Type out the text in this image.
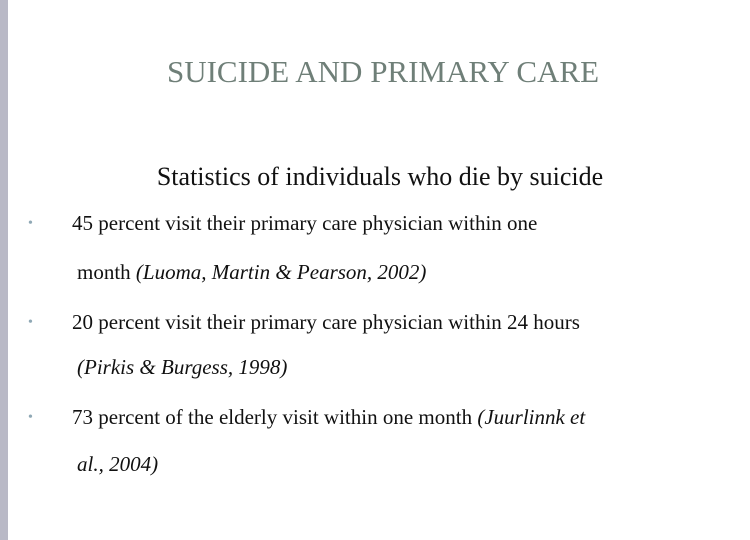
SUICIDE AND PRIMARY CARE
Statistics of individuals who die by suicide
• 45 percent visit their primary care physician within one
month (Luoma, Martin & Pearson, 2002)
• 20 percent visit their primary care physician within 24 hours
(Pirkis & Burgess, 1998)
• 73 percent of the elderly visit within one month (Juurlinnk et
al., 2004)
